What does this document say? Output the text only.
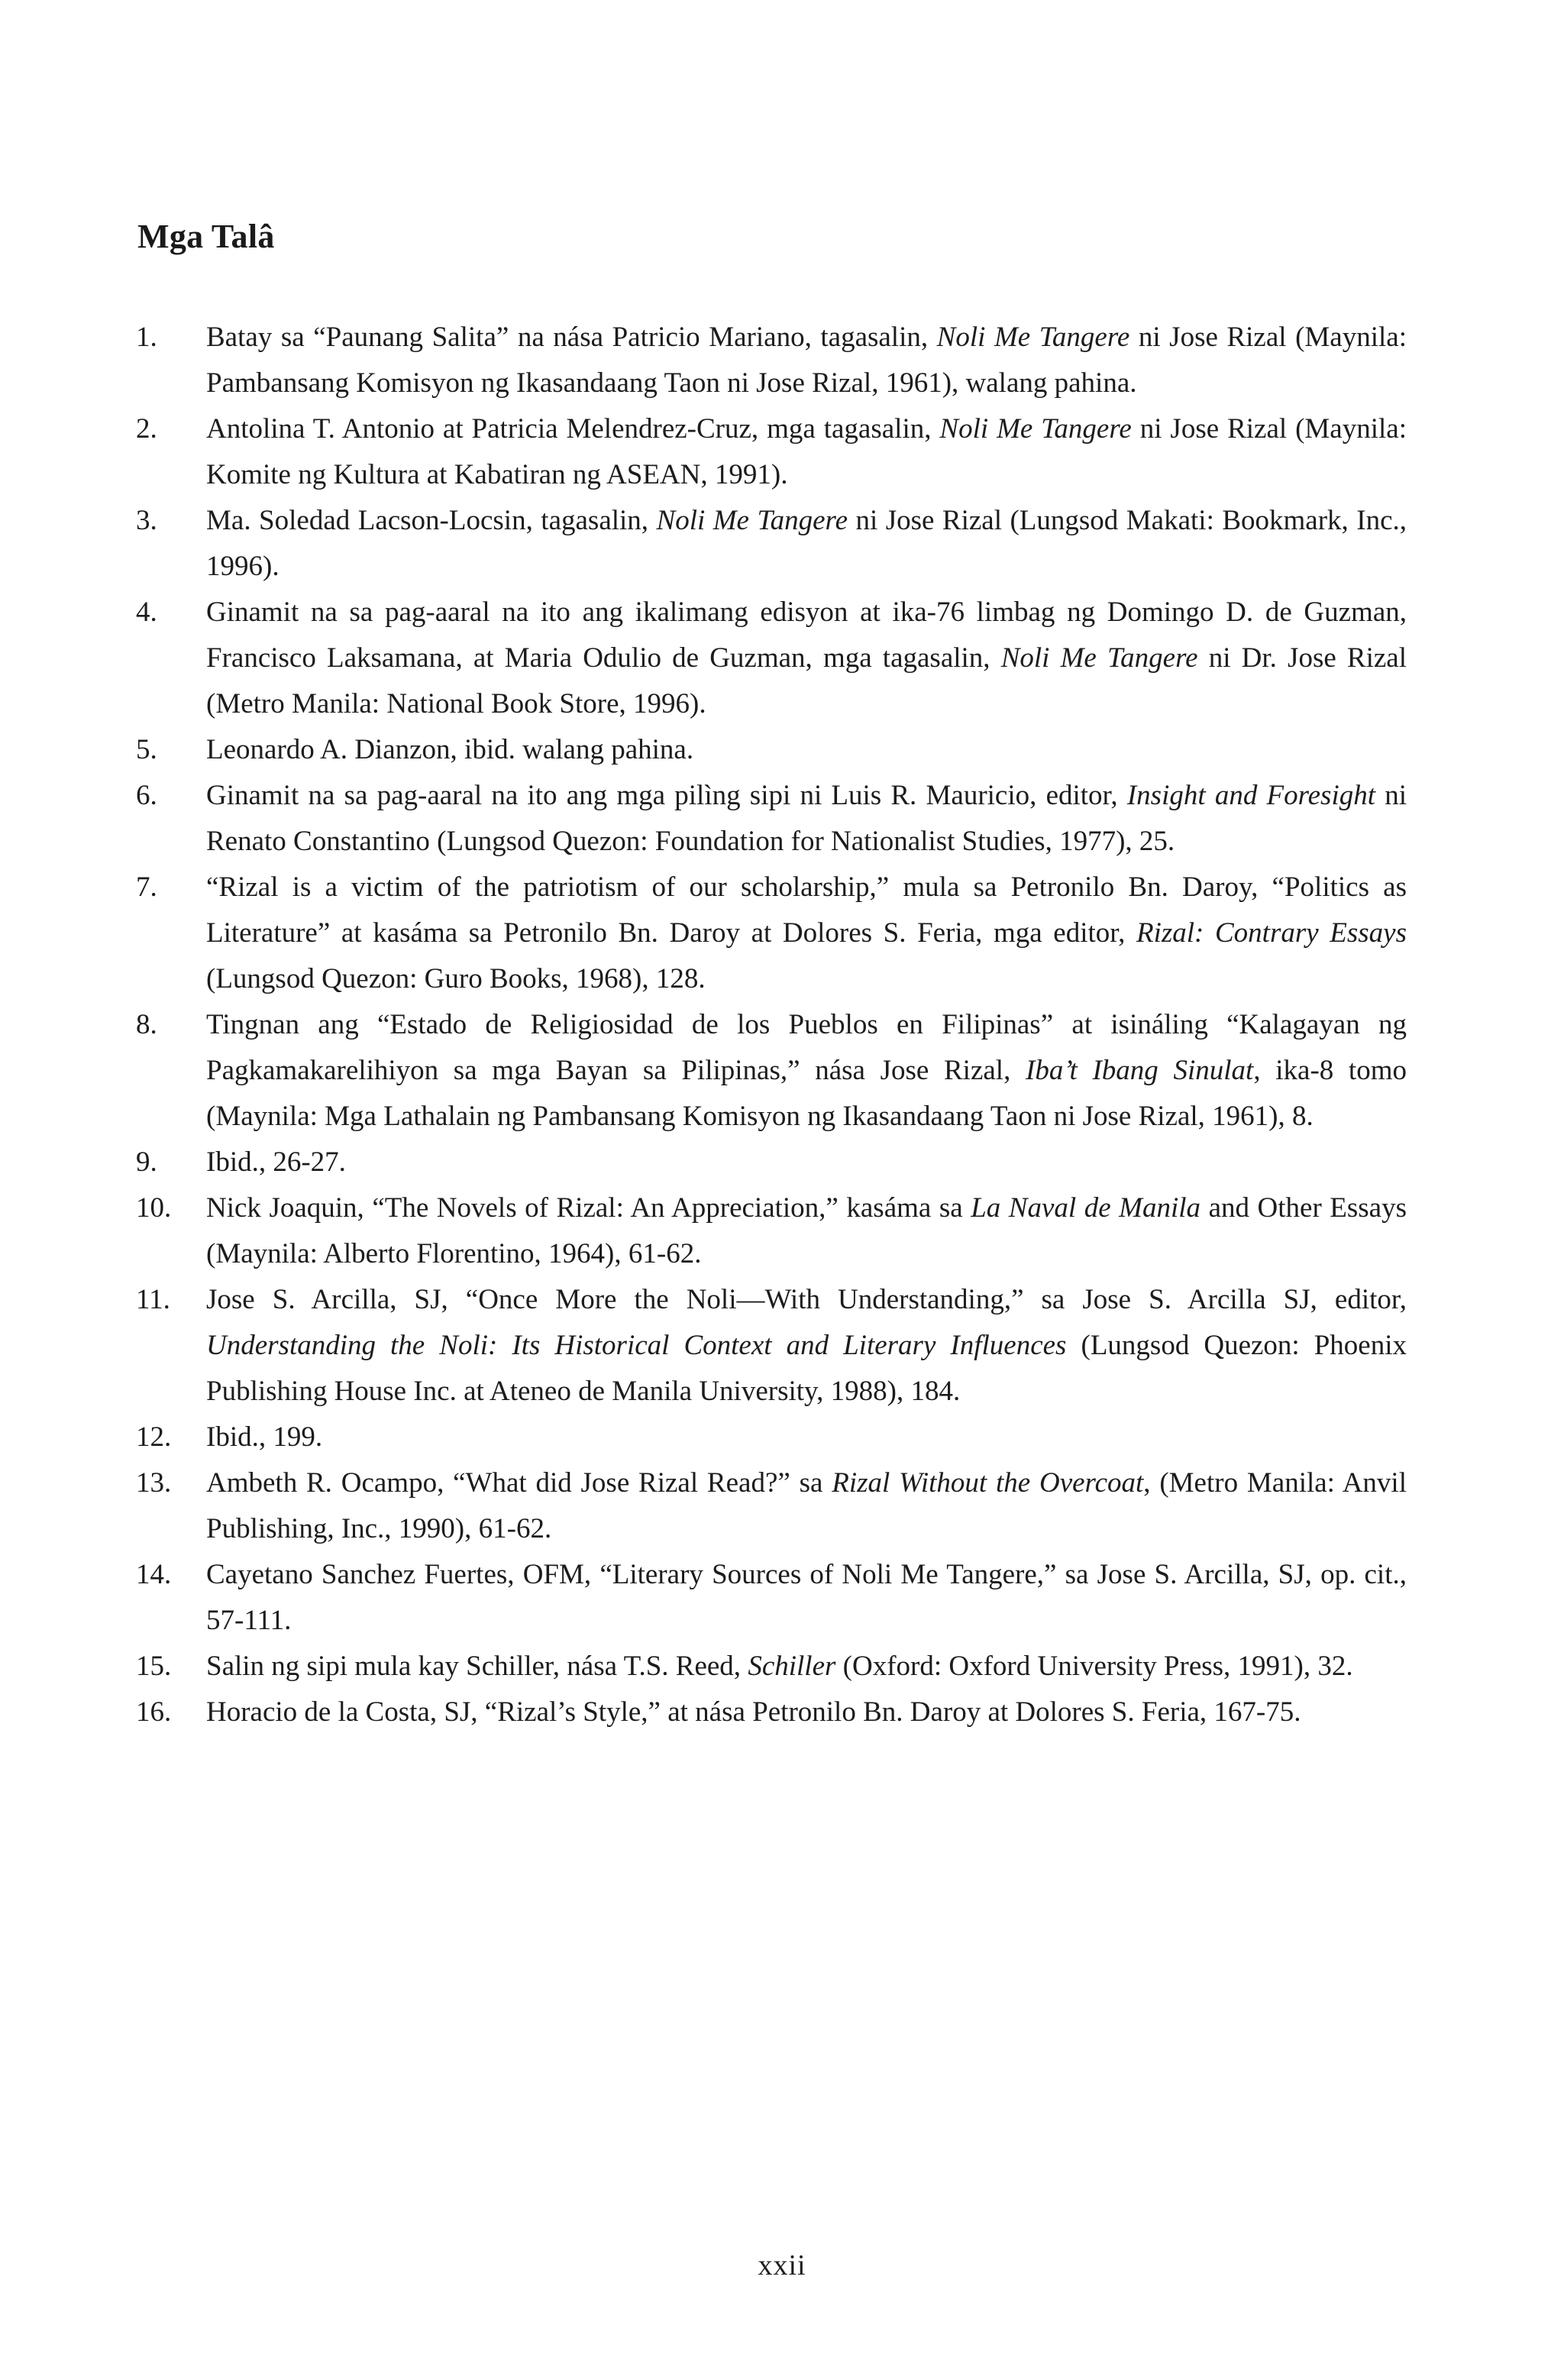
Mga Talâ
1.	Batay sa “Paunang Salita” na nása Patricio Mariano, tagasalin, Noli Me Tangere ni Jose Rizal (Maynila: Pambansang Komisyon ng Ikasandaang Taon ni Jose Rizal, 1961), walang pahina.
2.	Antolina T. Antonio at Patricia Melendrez-Cruz, mga tagasalin, Noli Me Tangere ni Jose Rizal (Maynila: Komite ng Kultura at Kabatiran ng ASEAN, 1991).
3.	Ma. Soledad Lacson-Locsin, tagasalin, Noli Me Tangere ni Jose Rizal (Lungsod Makati: Bookmark, Inc., 1996).
4.	Ginamit na sa pag-aaral na ito ang ikalimang edisyon at ika-76 limbag ng Domingo D. de Guzman, Francisco Laksamana, at Maria Odulio de Guzman, mga tagasalin, Noli Me Tangere ni Dr. Jose Rizal (Metro Manila: National Book Store, 1996).
5.	Leonardo A. Dianzon, ibid. walang pahina.
6.	Ginamit na sa pag-aaral na ito ang mga pilìng sipi ni Luis R. Mauricio, editor, Insight and Foresight ni Renato Constantino (Lungsod Quezon: Foundation for Nationalist Studies, 1977), 25.
7.	“Rizal is a victim of the patriotism of our scholarship,” mula sa Petronilo Bn. Daroy, “Politics as Literature” at kasáma sa Petronilo Bn. Daroy at Dolores S. Feria, mga editor, Rizal: Contrary Essays (Lungsod Quezon: Guro Books, 1968), 128.
8.	Tingnan ang “Estado de Religiosidad de los Pueblos en Filipinas” at isináling “Kalagayan ng Pagkamakarelihiyon sa mga Bayan sa Pilipinas,” nása Jose Rizal, Iba’t Ibang Sinulat, ika-8 tomo (Maynila: Mga Lathalain ng Pambansang Komisyon ng Ikasandaang Taon ni Jose Rizal, 1961), 8.
9.	Ibid., 26-27.
10.	Nick Joaquin, “The Novels of Rizal: An Appreciation,” kasáma sa La Naval de Manila and Other Essays (Maynila: Alberto Florentino, 1964), 61-62.
11.	Jose S. Arcilla, SJ, “Once More the Noli—With Understanding,” sa Jose S. Arcilla SJ, editor, Understanding the Noli: Its Historical Context and Literary Influences (Lungsod Quezon: Phoenix Publishing House Inc. at Ateneo de Manila University, 1988), 184.
12.	Ibid., 199.
13.	Ambeth R. Ocampo, “What did Jose Rizal Read?” sa Rizal Without the Overcoat, (Metro Manila: Anvil Publishing, Inc., 1990), 61-62.
14.	Cayetano Sanchez Fuertes, OFM, “Literary Sources of Noli Me Tangere,” sa Jose S. Arcilla, SJ, op. cit., 57-111.
15.	Salin ng sipi mula kay Schiller, nása T.S. Reed, Schiller (Oxford: Oxford University Press, 1991), 32.
16.	Horacio de la Costa, SJ, “Rizal’s Style,” at nása Petronilo Bn. Daroy at Dolores S. Feria, 167-75.
xxii
